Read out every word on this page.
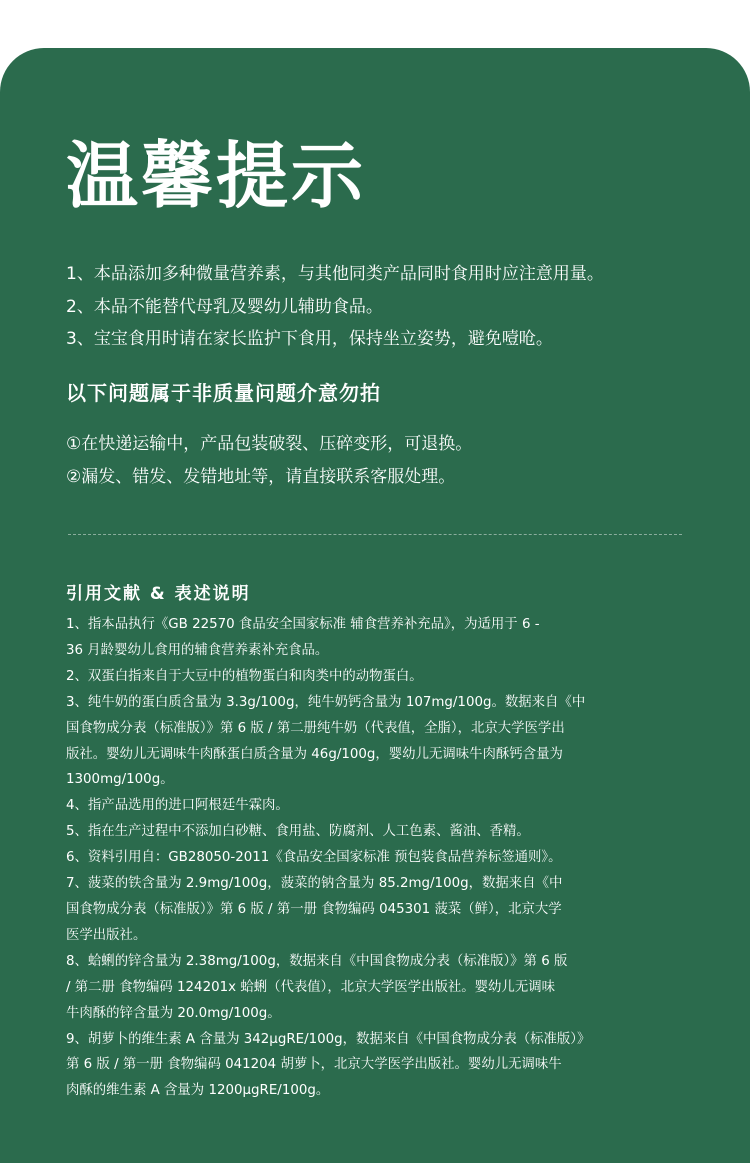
温馨提示
1、本品添加多种微量营养素，与其他同类产品同时食用时应注意用量。
2、本品不能替代母乳及婴幼儿辅助食品。
3、宝宝食用时请在家长监护下食用，保持坐立姿势，避免噎呛。
以下问题属于非质量问题介意勿拍
①在快递运输中，产品包装破裂、压碎变形，可退换。
②漏发、错发、发错地址等，请直接联系客服处理。
引用文献 & 表述说明
1、指本品执行《GB 22570 食品安全国家标准 辅食营养补充品》，为适用于 6 -
36 月龄婴幼儿食用的辅食营养素补充食品。
2、双蛋白指来自于大豆中的植物蛋白和肉类中的动物蛋白。
3、纯牛奶的蛋白质含量为 3.3g/100g，纯牛奶钙含量为 107mg/100g。数据来自《中
国食物成分表（标准版）》第 6 版 / 第二册纯牛奶（代表值，全脂），北京大学医学出
版社。婴幼儿无调味牛肉酥蛋白质含量为 46g/100g，婴幼儿无调味牛肉酥钙含量为
1300mg/100g。
4、指产品选用的进口阿根廷牛霖肉。
5、指在生产过程中不添加白砂糖、食用盐、防腐剂、人工色素、酱油、香精。
6、资料引用自：GB28050-2011《食品安全国家标准 预包装食品营养标签通则》。
7、菠菜的铁含量为 2.9mg/100g，菠菜的钠含量为 85.2mg/100g，数据来自《中
国食物成分表（标准版）》第 6 版 / 第一册 食物编码 045301 菠菜（鲜），北京大学
医学出版社。
8、蛤蜊的锌含量为 2.38mg/100g，数据来自《中国食物成分表（标准版）》第 6 版
/ 第二册 食物编码 124201x 蛤蜊（代表值），北京大学医学出版社。婴幼儿无调味
牛肉酥的锌含量为 20.0mg/100g。
9、胡萝卜的维生素 A 含量为 342µgRE/100g，数据来自《中国食物成分表（标准版）》
第 6 版 / 第一册 食物编码 041204 胡萝卜，北京大学医学出版社。婴幼儿无调味牛
肉酥的维生素 A 含量为 1200µgRE/100g。
